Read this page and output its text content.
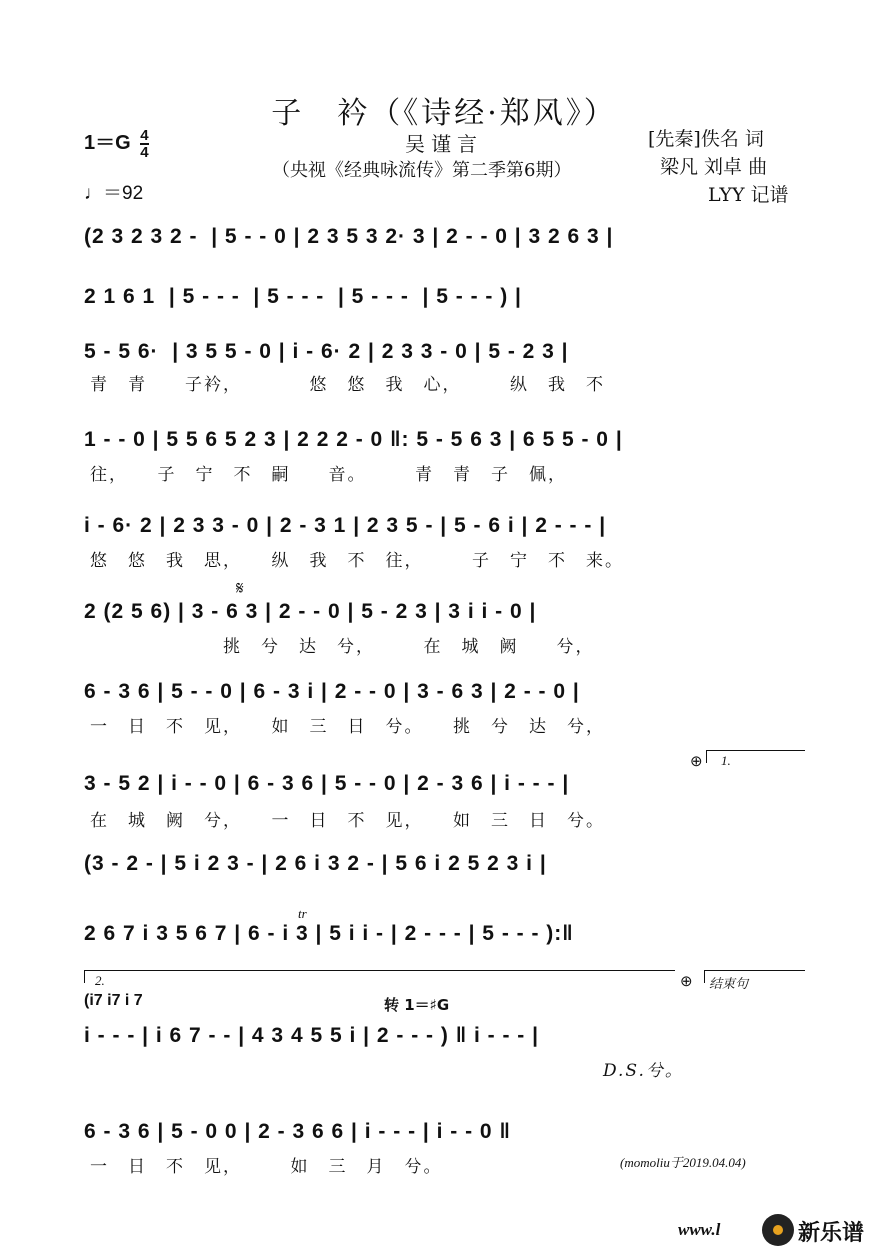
子　衿（《诗经·郑风》）
$1=G \frac{4}{4}$
♩＝92
吴谨言
（央视《经典咏流传》第二季第6期）
[先秦]佚名 词
梁凡 刘卓 曲
LYY 记谱
(2 3 2 3 2 -  | 5 - - 0 | 2 3 5 3 2· 3 | 2 - - 0 | 3 2 6 3 |
2 1 6 1  | 5 - - -  | 5 - - -  | 5 - - -  | 5 - - - ) |
5 - 5 6·  | 3 5 5 - 0 | i - 6· 2 | 2 3 3 - 0 | 5 - 2 3 |
青　青　　子衿，　　　　悠　悠　我　心，　　　纵　我　不
1 - - 0 | 5 5 6 5 2 3 | 2 2 2 - 0 ‖: 5 - 5 6 3 | 6 5 5 - 0 |
往，　　子　宁　不　嗣　　音。　　　青　青　子　佩，
i - 6· 2 | 2 3 3 - 0 | 2 - 3 1 | 2 3 5 - | 5 - 6 i | 2 - - - |
悠　悠　我　思，　　纵　我　不　往，　　　子　宁　不　来。
𝄋
2 (2 5 6) | 3 - 6 3 | 2 - - 0 | 5 - 2 3 | 3 i i - 0 |
　　　　　　　挑　兮　达　兮，　　　在　城　阙　　兮，
6 - 3 6 | 5 - - 0 | 6 - 3 i | 2 - - 0 | 3 - 6 3 | 2 - - 0 |
一　日　不　见，　　如　三　日　兮。　　挑　兮　达　兮，
⊕ 1.
3 - 5 2 | i - - 0 | 6 - 3 6 | 5 - - 0 | 2 - 3 6 | i - - - |
在　城　阙　兮，　　一　日　不　见，　　如　三　日　兮。
(3 - 2 - | 5 i 2 3 - | 2 6 i 3 2 - | 5 6 i 2 5 2 3 i |
tr
2 6 7 i 3 5 6 7 | 6 - i 3 | 5 i i - | 2 - - - | 5 - - - ):‖
2.	⊕ 结束句
(i7 i7 i 7	转 1＝♯G
i - - - | i 6 7 - - | 4 3 4 5 5 i | 2 - - - ) ‖ i - - - |
　　　　　　　　　　　　　　　　　　　　　　　　　　　D.S.兮。
6 - 3 6 | 5 - 0 0 | 2 - 3 6 6 | i - - - | i - - 0 ‖
一　日　不　见，　　　如　三　月　兮。	(momoliu于2019.04.04)
www.l	新乐谱
